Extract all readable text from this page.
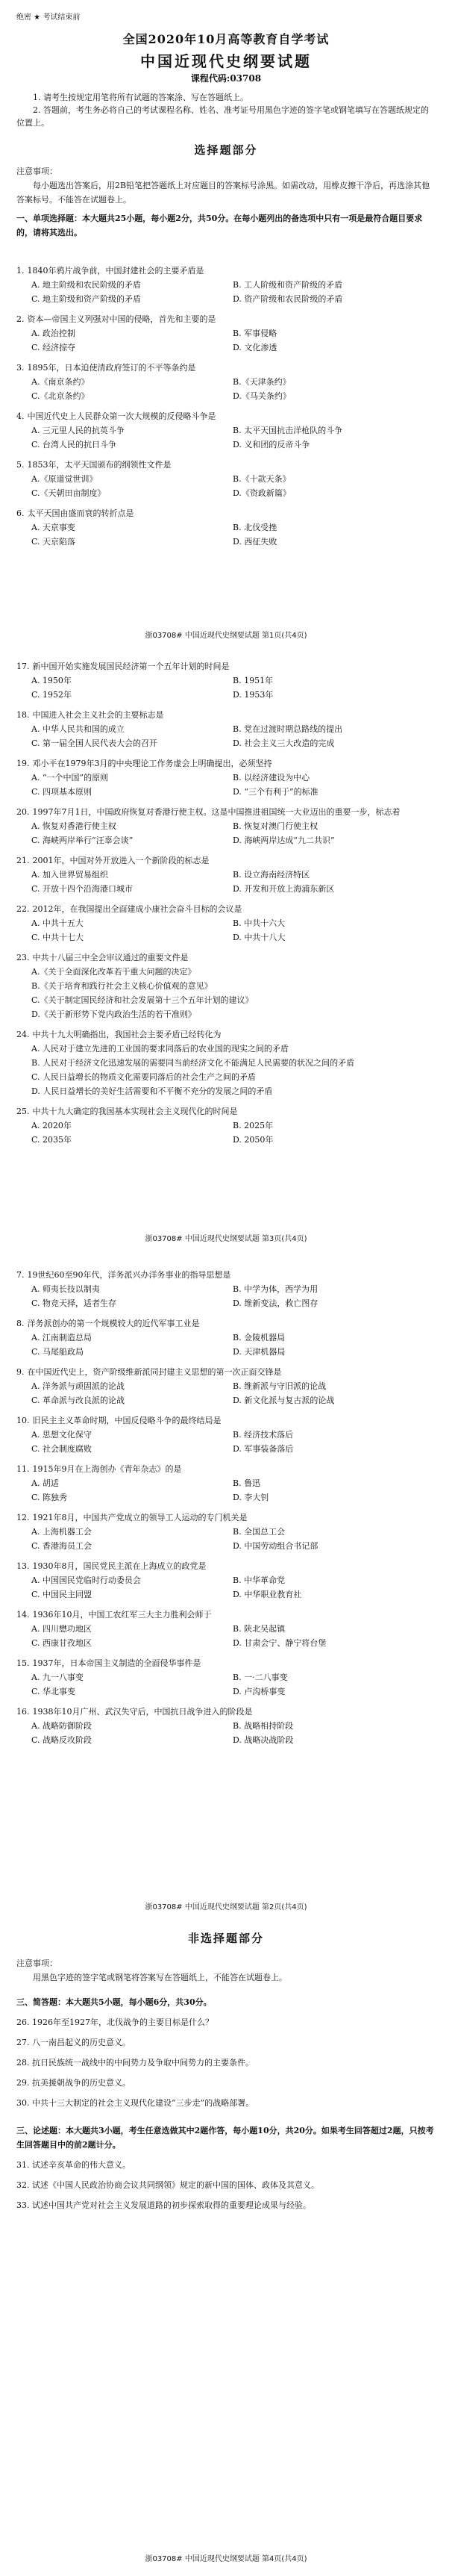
绝密 ★ 考试结束前
全国2020年10月高等教育自学考试
中国近现代史纲要试题
课程代码:03708
1. 请考生按规定用笔将所有试题的答案涂、写在答题纸上。
2. 答题前，考生务必将自己的考试课程名称、姓名、准考证号用黑色字迹的签字笔或钢笔填写在答题纸规定的位置上。
选择题部分
注意事项：
每小题选出答案后，用2B铅笔把答题纸上对应题目的答案标号涂黑。如需改动，用橡皮擦干净后，再选涂其他答案标号。不能答在试题卷上。
一、单项选择题：本大题共25小题，每小题2分，共50分。在每小题列出的备选项中只有一项是最符合题目要求的，请将其选出。
1. 1840年鸦片战争前，中国封建社会的主要矛盾是
A. 地主阶级和农民阶级的矛盾	B. 工人阶级和资产阶级的矛盾
C. 地主阶级和资产阶级的矛盾	D. 资产阶级和农民阶级的矛盾
2. 资本—帝国主义列强对中国的侵略，首先和主要的是
A. 政治控制	B. 军事侵略
C. 经济掠夺	D. 文化渗透
3. 1895年，日本迫使清政府签订的不平等条约是
A.《南京条约》	B.《天津条约》
C.《北京条约》	D.《马关条约》
4. 中国近代史上人民群众第一次大规模的反侵略斗争是
A. 三元里人民的抗英斗争	B. 太平天国抗击洋枪队的斗争
C. 台湾人民的抗日斗争	D. 义和团的反帝斗争
5. 1853年，太平天国颁布的纲领性文件是
A.《原道觉世训》	B.《十款天条》
C.《天朝田亩制度》	D.《资政新篇》
6. 太平天国由盛而衰的转折点是
A. 天京事变	B. 北伐受挫
C. 天京陷落	D. 西征失败
浙03708# 中国近现代史纲要试题 第1页(共4页)
17. 新中国开始实施发展国民经济第一个五年计划的时间是
A. 1950年	B. 1951年
C. 1952年	D. 1953年
18. 中国进入社会主义社会的主要标志是
A. 中华人民共和国的成立	B. 党在过渡时期总路线的提出
C. 第一届全国人民代表大会的召开	D. 社会主义三大改造的完成
19. 邓小平在1979年3月的中央理论工作务虚会上明确提出，必须坚持
A. “一个中国”的原则	B. 以经济建设为中心
C. 四项基本原则	D. “三个有利于”的标准
20. 1997年7月1日，中国政府恢复对香港行使主权。这是中国推进祖国统一大业迈出的重要一步，标志着
A. 恢复对香港行使主权	B. 恢复对澳门行使主权
C. 海峡两岸举行“汪辜会谈”	D. 海峡两岸达成“九二共识”
21. 2001年，中国对外开放进入一个新阶段的标志是
A. 加入世界贸易组织	B. 设立海南经济特区
C. 开放十四个沿海港口城市	D. 开发和开放上海浦东新区
22. 2012年，在我国提出全面建成小康社会奋斗目标的会议是
A. 中共十五大	B. 中共十六大
C. 中共十七大	D. 中共十八大
23. 中共十八届三中全会审议通过的重要文件是
A.《关于全面深化改革若干重大问题的决定》
B.《关于培育和践行社会主义核心价值观的意见》
C.《关于制定国民经济和社会发展第十三个五年计划的建议》
D.《关于新形势下党内政治生活的若干准则》
24. 中共十九大明确指出，我国社会主要矛盾已经转化为
A. 人民对于建立先进的工业国的要求同落后的农业国的现实之间的矛盾
B. 人民对于经济文化迅速发展的需要同当前经济文化不能满足人民需要的状况之间的矛盾
C. 人民日益增长的物质文化需要同落后的社会生产之间的矛盾
D. 人民日益增长的美好生活需要和不平衡不充分的发展之间的矛盾
25. 中共十九大确定的我国基本实现社会主义现代化的时间是
A. 2020年	B. 2025年
C. 2035年	D. 2050年
浙03708# 中国近现代史纲要试题 第3页(共4页)
7. 19世纪60至90年代，洋务派兴办洋务事业的指导思想是
A. 师夷长技以制夷	B. 中学为体，西学为用
C. 物竞天择，适者生存	D. 维新变法，救亡图存
8. 洋务派创办的第一个规模较大的近代军事工业是
A. 江南制造总局	B. 金陵机器局
C. 马尾船政局	D. 天津机器局
9. 在中国近代史上，资产阶级维新派同封建主义思想的第一次正面交锋是
A. 洋务派与顽固派的论战	B. 维新派与守旧派的论战
C. 革命派与改良派的论战	D. 新文化派与复古派的论战
10. 旧民主主义革命时期，中国反侵略斗争的最终结局是
A. 思想文化保守	B. 经济技术落后
C. 社会制度腐败	D. 军事装备落后
11. 1915年9月在上海创办《青年杂志》的是
A. 胡适	B. 鲁迅
C. 陈独秀	D. 李大钊
12. 1921年8月，中国共产党成立的领导工人运动的专门机关是
A. 上海机器工会	B. 全国总工会
C. 香港海员工会	D. 中国劳动组合书记部
13. 1930年8月，国民党民主派在上海成立的政党是
A. 中国国民党临时行动委员会	B. 中华革命党
C. 中国民主同盟	D. 中华职业教育社
14. 1936年10月，中国工农红军三大主力胜利会师于
A. 四川懋功地区	B. 陕北吴起镇
C. 西康甘孜地区	D. 甘肃会宁、静宁将台堡
15. 1937年，日本帝国主义制造的全面侵华事件是
A. 九一八事变	B. 一·二八事变
C. 华北事变	D. 卢沟桥事变
16. 1938年10月广州、武汉失守后，中国抗日战争进入的阶段是
A. 战略防御阶段	B. 战略相持阶段
C. 战略反攻阶段	D. 战略决战阶段
浙03708# 中国近现代史纲要试题 第2页(共4页)
非选择题部分
注意事项：
用黑色字迹的签字笔或钢笔将答案写在答题纸上，不能答在试题卷上。
三、简答题：本大题共5小题，每小题6分，共30分。
26. 1926年至1927年，北伐战争的主要目标是什么？
27. 八一南昌起义的历史意义。
28. 抗日民族统一战线中的中间势力及争取中间势力的主要条件。
29. 抗美援朝战争的历史意义。
30. 中共十三大制定的社会主义现代化建设“三步走”的战略部署。
三、论述题：本大题共3小题，考生任意选做其中2题作答，每小题10分，共20分。如果考生回答超过2题，只按考生回答题目中的前2题计分。
31. 试述辛亥革命的伟大意义。
32. 试述《中国人民政治协商会议共同纲领》规定的新中国的国体、政体及其意义。
33. 试述中国共产党对社会主义发展道路的初步探索取得的重要理论成果与经验。
浙03708# 中国近现代史纲要试题 第4页(共4页)
